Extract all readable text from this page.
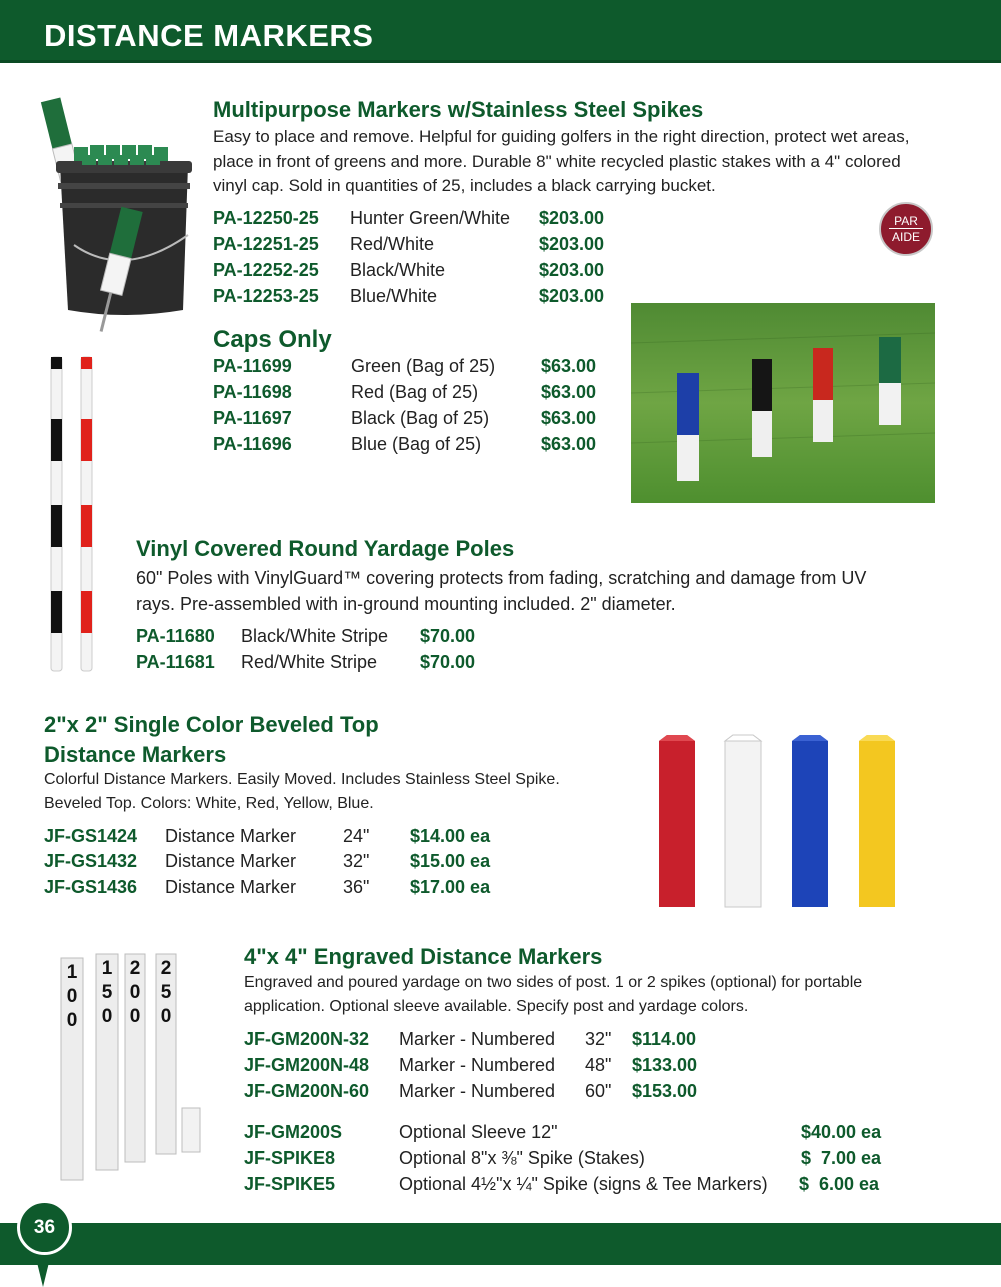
DISTANCE MARKERS
Multipurpose Markers w/Stainless Steel Spikes
Easy to place and remove. Helpful for guiding golfers in the right direction, protect wet areas,
place in front of greens and more. Durable 8" white recycled plastic stakes with a 4" colored
vinyl cap. Sold in quantities of 25, includes a black carrying bucket.
PA-12250-25 Hunter Green/White $203.00
PA-12251-25 Red/White	$203.00
PA-12252-25 Black/White	$203.00
PA-12253-25 Blue/White	$203.00
PAR
AIDE
Caps Only
PA-11699	Green (Bag of 25)	$63.00
PA-11698	Red (Bag of 25)	$63.00
PA-11697	Black (Bag of 25)	$63.00
PA-11696	Blue (Bag of 25)	$63.00
Vinyl Covered Round Yardage Poles
60" Poles with VinylGuard™ covering protects from fading, scratching and damage from UV
rays. Pre-assembled with in-ground mounting included. 2" diameter.
PA-11680 Black/White Stripe $70.00
PA-11681 Red/White Stripe $70.00
2"x 2" Single Color Beveled Top
Distance Markers
Colorful Distance Markers. Easily Moved. Includes Stainless Steel Spike.
Beveled Top. Colors: White, Red, Yellow, Blue.
JF-GS1424 Distance Marker	24" $14.00 ea
JF-GS1432 Distance Marker	32" $15.00 ea
JF-GS1436 Distance Marker	36" $17.00 ea
1
0
0
1
5
0
2
0
0
2
5
0
4"x 4" Engraved Distance Markers
Engraved and poured yardage on two sides of post. 1 or 2 spikes (optional) for portable
application. Optional sleeve available. Specify post and yardage colors.
JF-GM200N-32 Marker - Numbered 32" $114.00
JF-GM200N-48 Marker - Numbered 48" $133.00
JF-GM200N-60 Marker - Numbered 60" $153.00
JF-GM200S	Optional Sleeve 12"	$40.00 ea
JF-SPIKE8	Optional 8"x ⅜" Spike (Stakes)	$  7.00 ea
JF-SPIKE5	Optional 4½"x ¼" Spike (signs & Tee Markers) $  6.00 ea
36
